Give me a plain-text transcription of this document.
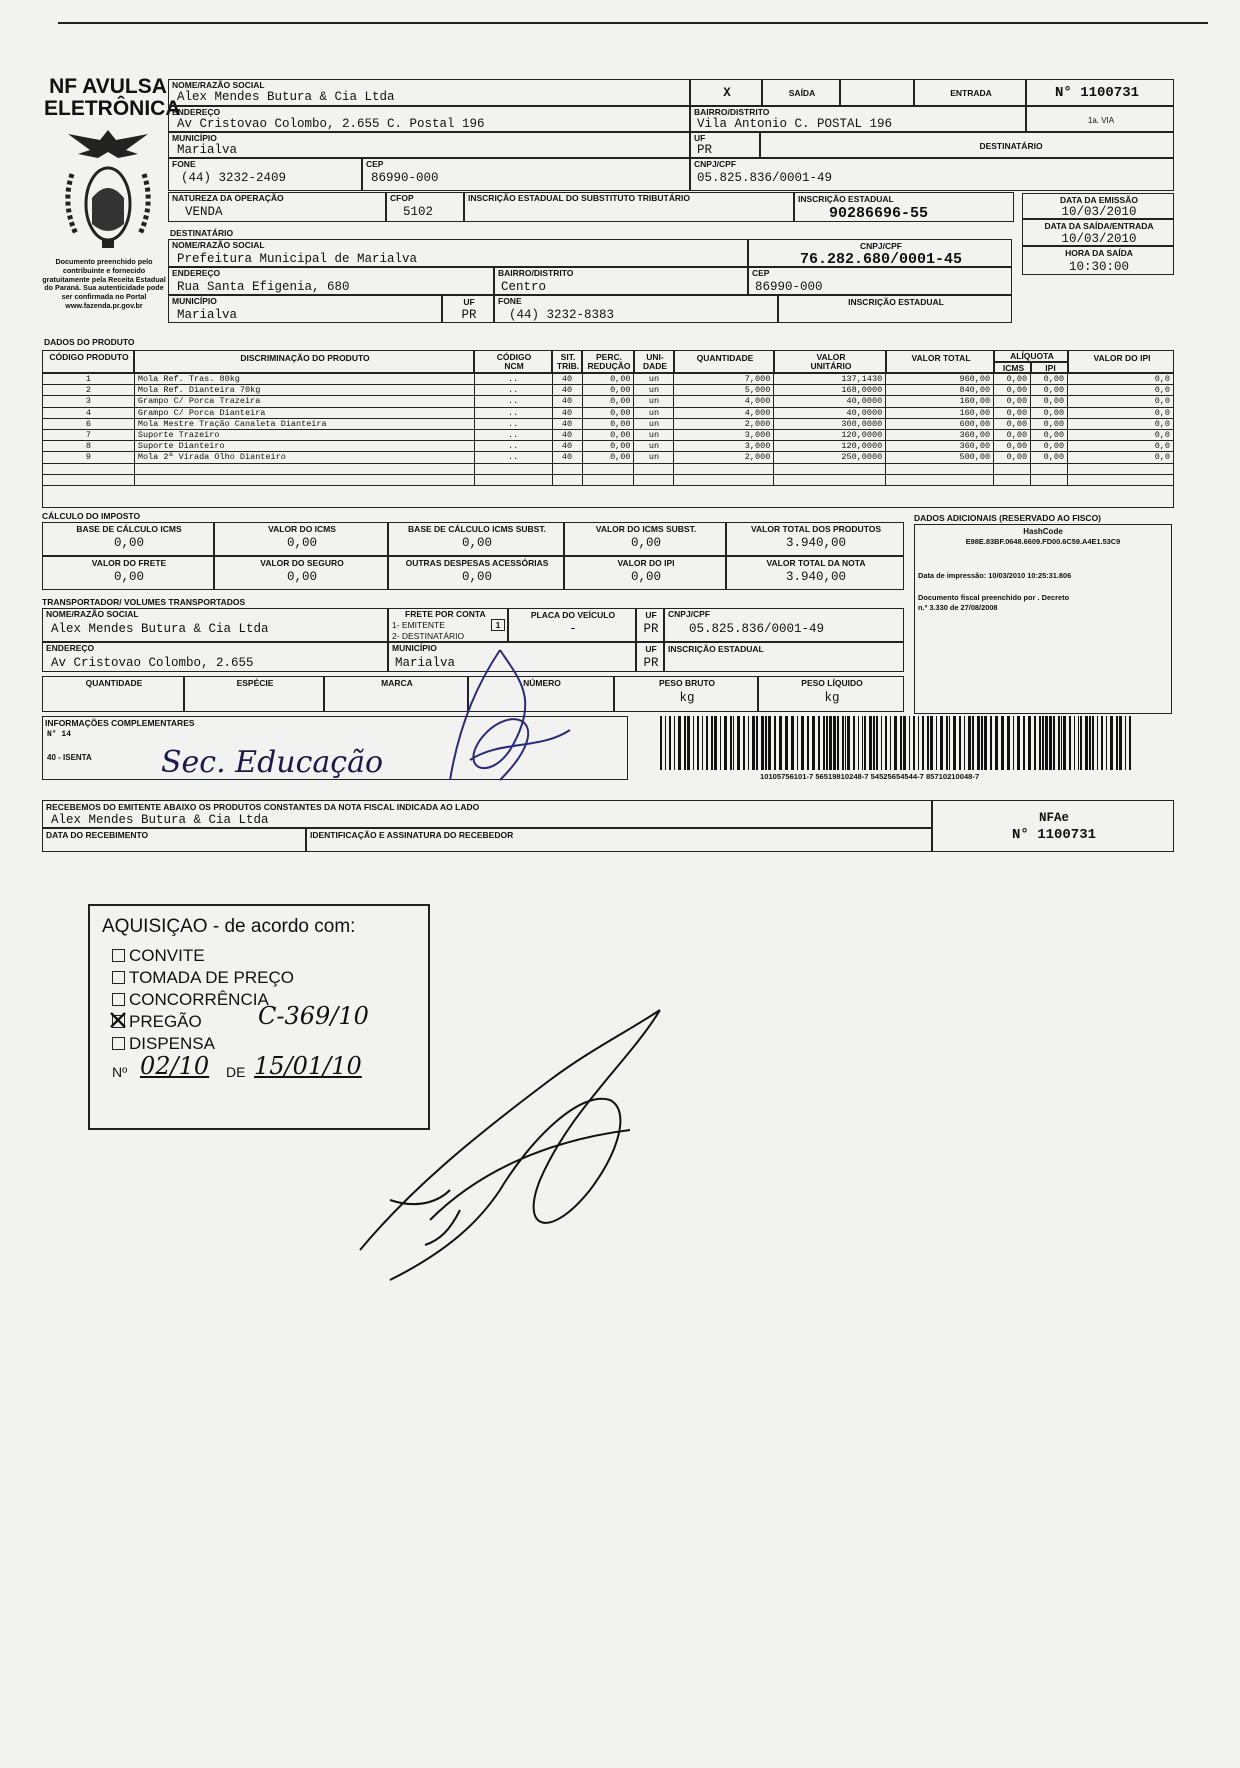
NF AVULSA
ELETRÔNICA
Documento preenchido pelo contribuinte e fornecido gratuitamente pela Receita Estadual do Paraná. Sua autenticidade pode ser confirmada no Portal www.fazenda.pr.gov.br
NOME/RAZÃO SOCIAL
Alex Mendes Butura & Cia Ltda	X	SAÍDA	ENTRADA	N° 1100731
ENDEREÇO
Av Cristovao Colombo, 2.655 C. Postal 196
BAIRRO/DISTRITO
Vila Antonio C. POSTAL 196	1a. VIA
MUNICÍPIO
Marialva
UF
PR	DESTINATÁRIO
FONE
(44) 3232-2409
CEP
86990-000
CNPJ/CPF
05.825.836/0001-49
NATUREZA DA OPERAÇÃO
VENDA
CFOP
5102
INSCRIÇÃO ESTADUAL DO SUBSTITUTO TRIBUTÁRIO	INSCRIÇÃO ESTADUAL
90286696-55
DATA DA EMISSÃO
10/03/2010
DATA DA SAÍDA/ENTRADA
10/03/2010
HORA DA SAÍDA
10:30:00
DESTINATÁRIO
NOME/RAZÃO SOCIAL
Prefeitura Municipal de Marialva
CNPJ/CPF
76.282.680/0001-45
ENDEREÇO
Rua Santa Efigenia, 680
BAIRRO/DISTRITO
Centro
CEP
86990-000
MUNICÍPIO
Marialva
UF
PR
FONE
(44) 3232-8383
INSCRIÇÃO ESTADUAL
DADOS DO PRODUTO
CÓDIGO PRODUTO	DISCRIMINAÇÃO DO PRODUTO	CÓDIGO NCM
SIT. TRIB.
PERC. REDUÇÃO
UNI-DADE
QUANTIDADE	VALOR UNITÁRIO
VALOR TOTAL	ALÍQUOTA
ICMS	IPI
VALOR DO IPI
1	Mola Ref. Tras. 80kg	..	40	0,00	un	7,000	137,1430	960,00	0,00	0,00	0,0
2	Mola Ref. Dianteira 70kg	..	40	0,00	un	5,000	168,0000	840,00	0,00	0,00	0,0
3	Grampo C/ Porca Trazeira	..	40	0,00	un	4,000	40,0000	160,00	0,00	0,00	0,0
4	Grampo C/ Porca Dianteira	..	40	0,00	un	4,000	40,0000	160,00	0,00	0,00	0,0
6	Mola Mestre Tração Canaleta Dianteira	..	40	0,00	un	2,000	300,0000	600,00	0,00	0,00	0,0
7	Suporte Trazeiro	..	40	0,00	un	3,000	120,0000	360,00	0,00	0,00	0,0
8	Suporte Dianteiro	..	40	0,00	un	3,000	120,0000	360,00	0,00	0,00	0,0
9	Mola 2ª Virada Olho Dianteiro	..	40	0,00	un	2,000	250,0000	500,00	0,00	0,00	0,0

CÁLCULO DO IMPOSTO
BASE DE CÁLCULO ICMS
0,00
VALOR DO ICMS
0,00
BASE DE CÁLCULO ICMS SUBST.
0,00
VALOR DO ICMS SUBST.
0,00
VALOR TOTAL DOS PRODUTOS
3.940,00
VALOR DO FRETE
0,00
VALOR DO SEGURO
0,00
OUTRAS DESPESAS ACESSÓRIAS
0,00
VALOR DO IPI
0,00
VALOR TOTAL DA NOTA
3.940,00
DADOS ADICIONAIS (RESERVADO AO FISCO)
HashCode
E98E.83BF.0648.6609.FD00.6C59.A4E1.53C9
Data de impressão: 10/03/2010 10:25:31.806
Documento fiscal preenchido por . Decreto n.º 3.330 de 27/08/2008
TRANSPORTADOR/ VOLUMES TRANSPORTADOS
NOME/RAZÃO SOCIAL
Alex Mendes Butura & Cia Ltda
FRETE POR CONTA
1- EMITENTE
2- DESTINATÁRIO
1
PLACA DO VEÍCULO
-
UF
PR
CNPJ/CPF
05.825.836/0001-49
ENDEREÇO
Av Cristovao Colombo, 2.655
MUNICÍPIO
Marialva
UF
PR
INSCRIÇÃO ESTADUAL
QUANTIDADE	ESPÉCIE	MARCA	NÚMERO	PESO BRUTO
kg
PESO LÍQUIDO
kg
INFORMAÇÕES COMPLEMENTARES
N° 14
40 - ISENTA Sec. Educação	10105756101-7 56519810248-7 54525654544-7 85710210048-7
RECEBEMOS DO EMITENTE ABAIXO OS PRODUTOS CONSTANTES DA NOTA FISCAL INDICADA AO LADO
Alex Mendes Butura & Cia Ltda
DATA DO RECEBIMENTO	IDENTIFICAÇÃO E ASSINATURA DO RECEBEDOR
NFAe
N° 1100731
AQUISIÇAO - de acordo com:
CONVITE
TOMADA DE PREÇO
CONCORRÊNCIA
PREGÃO C-369/10
DISPENSA
Nº 02/10 DE 15/01/10
